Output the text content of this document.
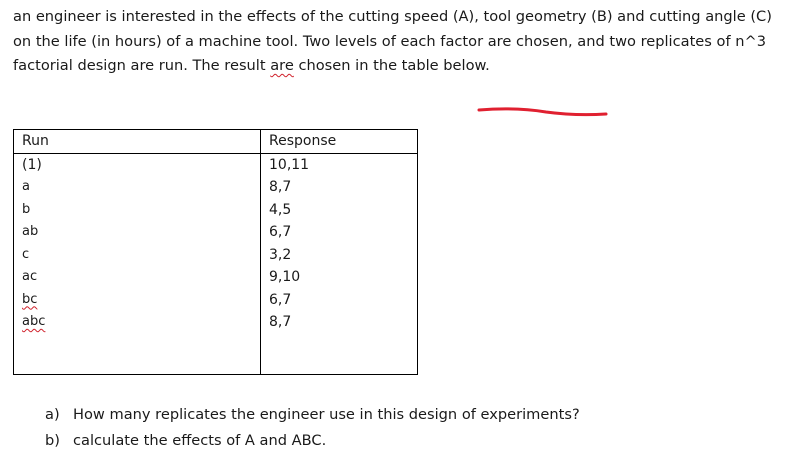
an engineer is interested in the effects of the cutting speed (A), tool geometry (B) and cutting angle (C)
on the life (in hours) of a machine tool. Two levels of each factor are chosen, and two replicates of n^3
factorial design are run. The result are chosen in the table below.
Run	Response
(1)	10,11
a	8,7
b	4,5
ab	6,7
c	3,2
ac	9,10
bc	6,7
abc	8,7

a) How many replicates the engineer use in this design of experiments?
b) calculate the effects of A and ABC.
